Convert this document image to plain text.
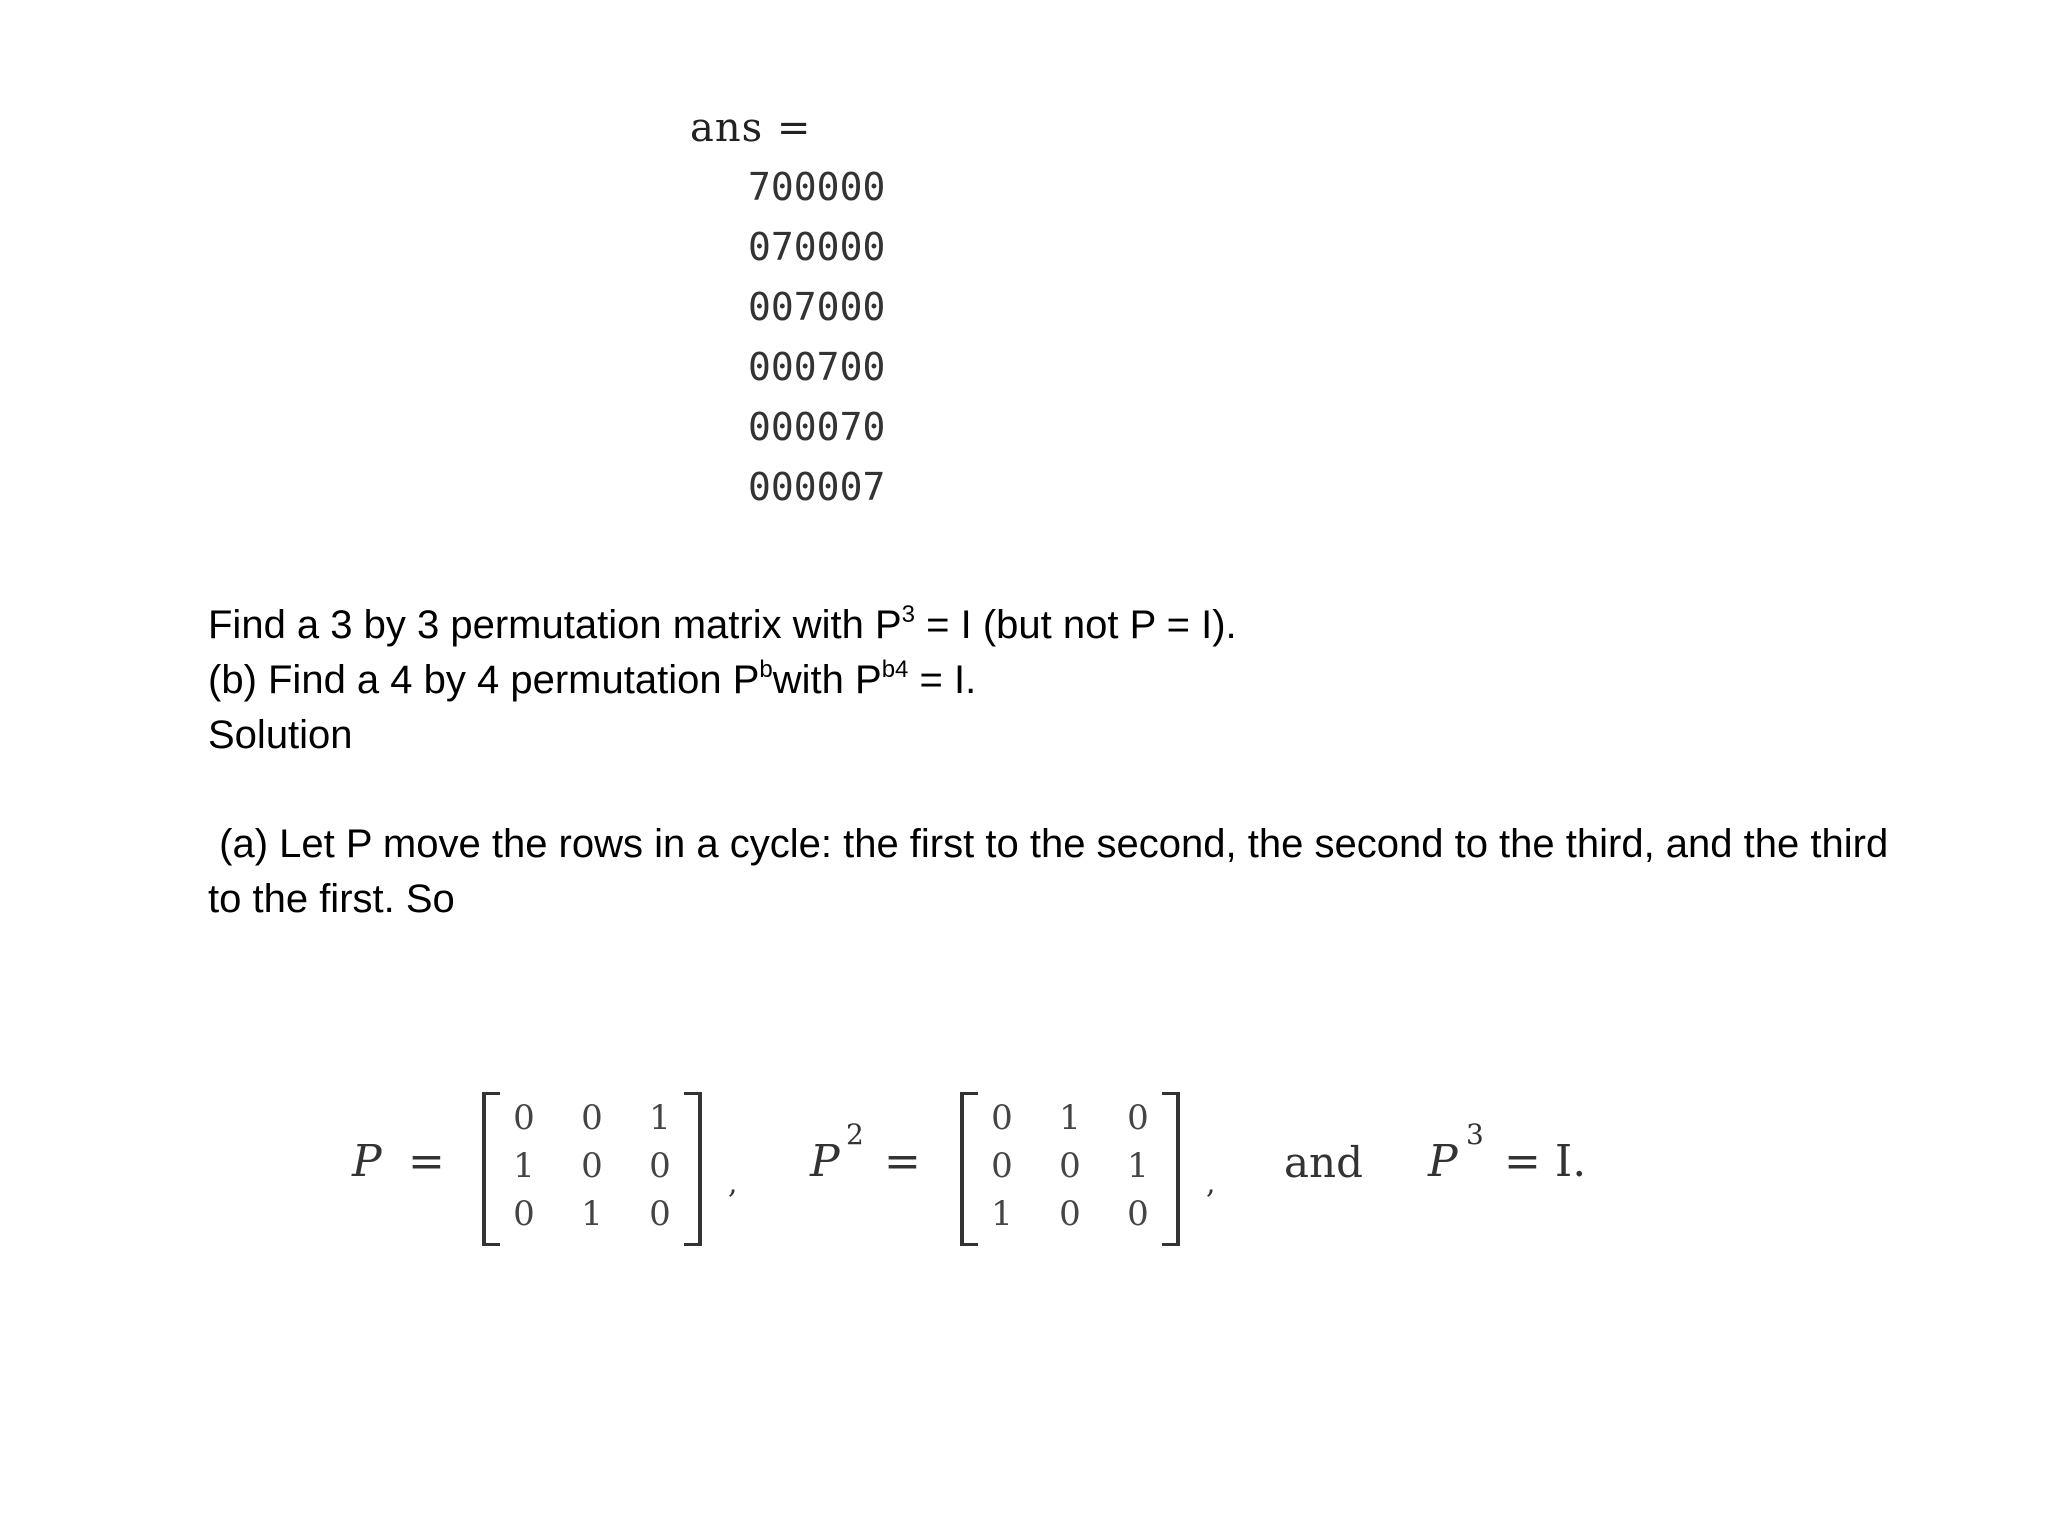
ans =
7	0	0	0	0	0
0	7	0	0	0	0
0	0	7	0	0	0
0	0	0	7	0	0
0	0	0	0	7	0
0	0	0	0	0	7
Find a 3 by 3 permutation matrix with $P^3 = I$ (but not P = I).
(b) Find a 4 by 4 permutation $P^bwith$ $P^{b4} = I$.
Solution
(a) Let P move the rows in a cycle: the first to the second, the second to the third, and the third to the first. So
P =
0	0	1
1	0	0
0	1	0
, P
2
=
0	1	0
0	0	1
1	0	0
, and P
3
= I.
